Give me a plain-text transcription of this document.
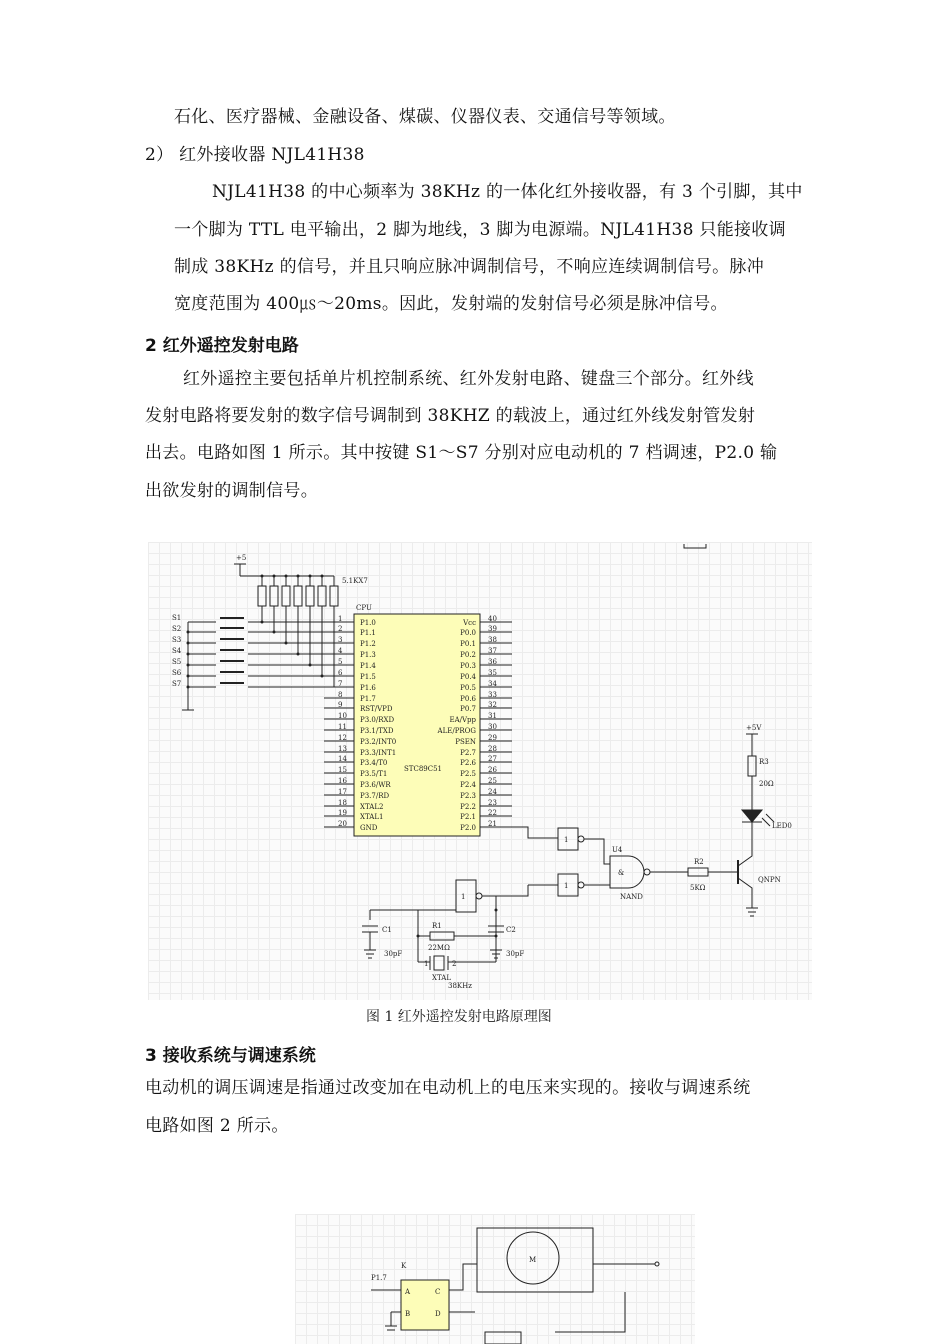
石化、医疗器械、金融设备、煤碳、仪器仪表、交通信号等领域。
2） 红外接收器 NJL41H38
NJL41H38 的中心频率为 38KHz 的一体化红外接收器，有 3 个引脚，其中
一个脚为 TTL 电平输出，2 脚为地线，3 脚为电源端。NJL41H38 只能接收调
制成 38KHz 的信号，并且只响应脉冲调制信号，不响应连续调制信号。脉冲
宽度范围为 400㎲～20ms。因此，发射端的发射信号必须是脉冲信号。
2 红外遥控发射电路
红外遥控主要包括单片机控制系统、红外发射电路、键盘三个部分。红外线
发射电路将要发射的数字信号调制到 38KHZ 的载波上，通过红外线发射管发射
出去。电路如图 1 所示。其中按键 S1～S7 分别对应电动机的 7 档调速，P2.0 输
出欲发射的调制信号。
+5
5.1KX7
CPU
STC89C51
S1
S2
S3
S4
S5
S6
S7
P1.0
1
P1.1
2
P1.2
3
P1.3
4
P1.4
5
P1.5
6
P1.6
7
P1.7
8
RST/VPD
9
P3.0/RXD
10
P3.1/TXD
11
P3.2/INT0
12
P3.3/INT1
13
P3.4/T0
14
P3.5/T1
15
P3.6/WR
16
P3.7/RD
17
XTAL2
18
XTAL1
19
GND
20
Vcc 40
P0.0 39
P0.1 38
P0.2 37
P0.3 36
P0.4 35
P0.5 34
P0.6 33
P0.7 32
EA/Vpp 31
ALE/PROG 30
PSEN 29
P2.7 28
P2.6 27
P2.5 26
P2.4 25
P2.3 24
P2.2 23
P2.1 22
P2.0 21
+5V
R3
20Ω
LED0
U4
&
NAND
R2
5KΩ
QNPN
1
1
1
C1
30pF
C2
30pF
R1
22MΩ
1	2
XTAL
38KHz
图 1 红外遥控发射电路原理图
3 接收系统与调速系统
电动机的调压调速是指通过改变加在电动机上的电压来实现的。接收与调速系统
电路如图 2 所示。
P1.7
K
A
B
C
D
M
